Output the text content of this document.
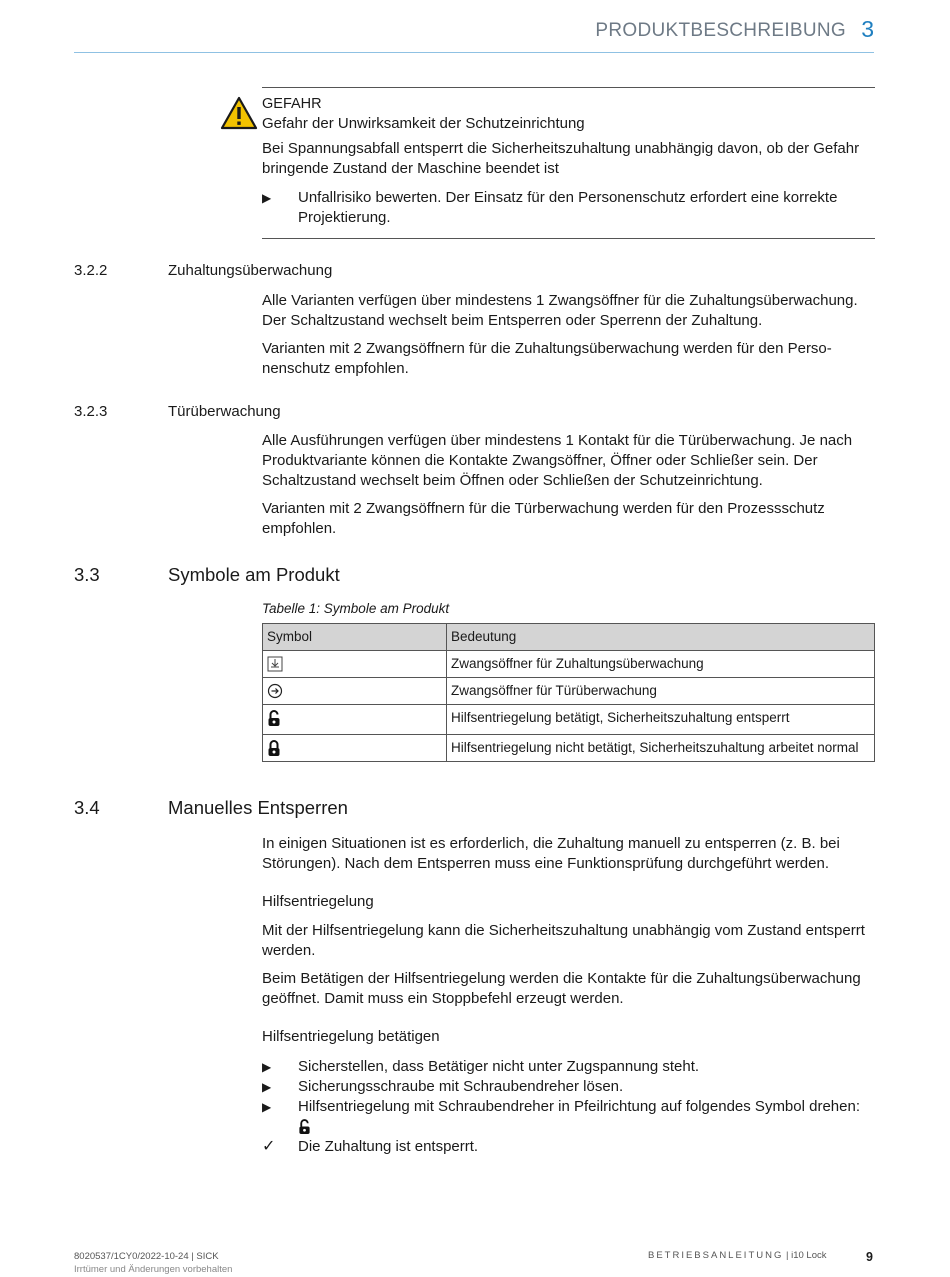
PRODUKTBESCHREIBUNG 3
GEFAHR
Gefahr der Unwirksamkeit der Schutzeinrichtung
Bei Spannungsabfall entsperrt die Sicherheitszuhaltung unabhängig davon, ob der Gefahr bringende Zustand der Maschine beendet ist
▶ Unfallrisiko bewerten. Der Einsatz für den Personenschutz erfordert eine korrekte Projektierung.
3.2.2	Zuhaltungsüberwachung
Alle Varianten verfügen über mindestens 1 Zwangsöffner für die Zuhaltungsüberwachung. Der Schaltzustand wechselt beim Entsperren oder Sperrenn der Zuhaltung.
Varianten mit 2 Zwangsöffnern für die Zuhaltungsüberwachung werden für den Personenschutz empfohlen.
3.2.3	Türüberwachung
Alle Ausführungen verfügen über mindestens 1 Kontakt für die Türüberwachung. Je nach Produktvariante können die Kontakte Zwangsöffner, Öffner oder Schließer sein. Der Schaltzustand wechselt beim Öffnen oder Schließen der Schutzeinrichtung.
Varianten mit 2 Zwangsöffnern für die Türberwachung werden für den Prozessschutz empfohlen.
3.3	Symbole am Produkt
Tabelle 1: Symbole am Produkt
Symbol	Bedeutung
	Zwangsöffner für Zuhaltungsüberwachung
	Zwangsöffner für Türüberwachung
	Hilfsentriegelung betätigt, Sicherheitszuhaltung entsperrt
	Hilfsentriegelung nicht betätigt, Sicherheitszuhaltung arbeitet normal
3.4	Manuelles Entsperren
In einigen Situationen ist es erforderlich, die Zuhaltung manuell zu entsperren (z. B. bei Störungen). Nach dem Entsperren muss eine Funktionsprüfung durchgeführt werden.
Hilfsentriegelung
Mit der Hilfsentriegelung kann die Sicherheitszuhaltung unabhängig vom Zustand entsperrt werden.
Beim Betätigen der Hilfsentriegelung werden die Kontakte für die Zuhaltungsüberwachung geöffnet. Damit muss ein Stoppbefehl erzeugt werden.
Hilfsentriegelung betätigen
▶ Sicherstellen, dass Betätiger nicht unter Zugspannung steht.
▶ Sicherungsschraube mit Schraubendreher lösen.
▶ Hilfsentriegelung mit Schraubendreher in Pfeilrichtung auf folgendes Symbol drehen:
✓ Die Zuhaltung ist entsperrt.
8020537/1CY0/2022-10-24 | SICK
Irrtümer und Änderungen vorbehalten
BETRIEBSANLEITUNG | i10 Lock	9
